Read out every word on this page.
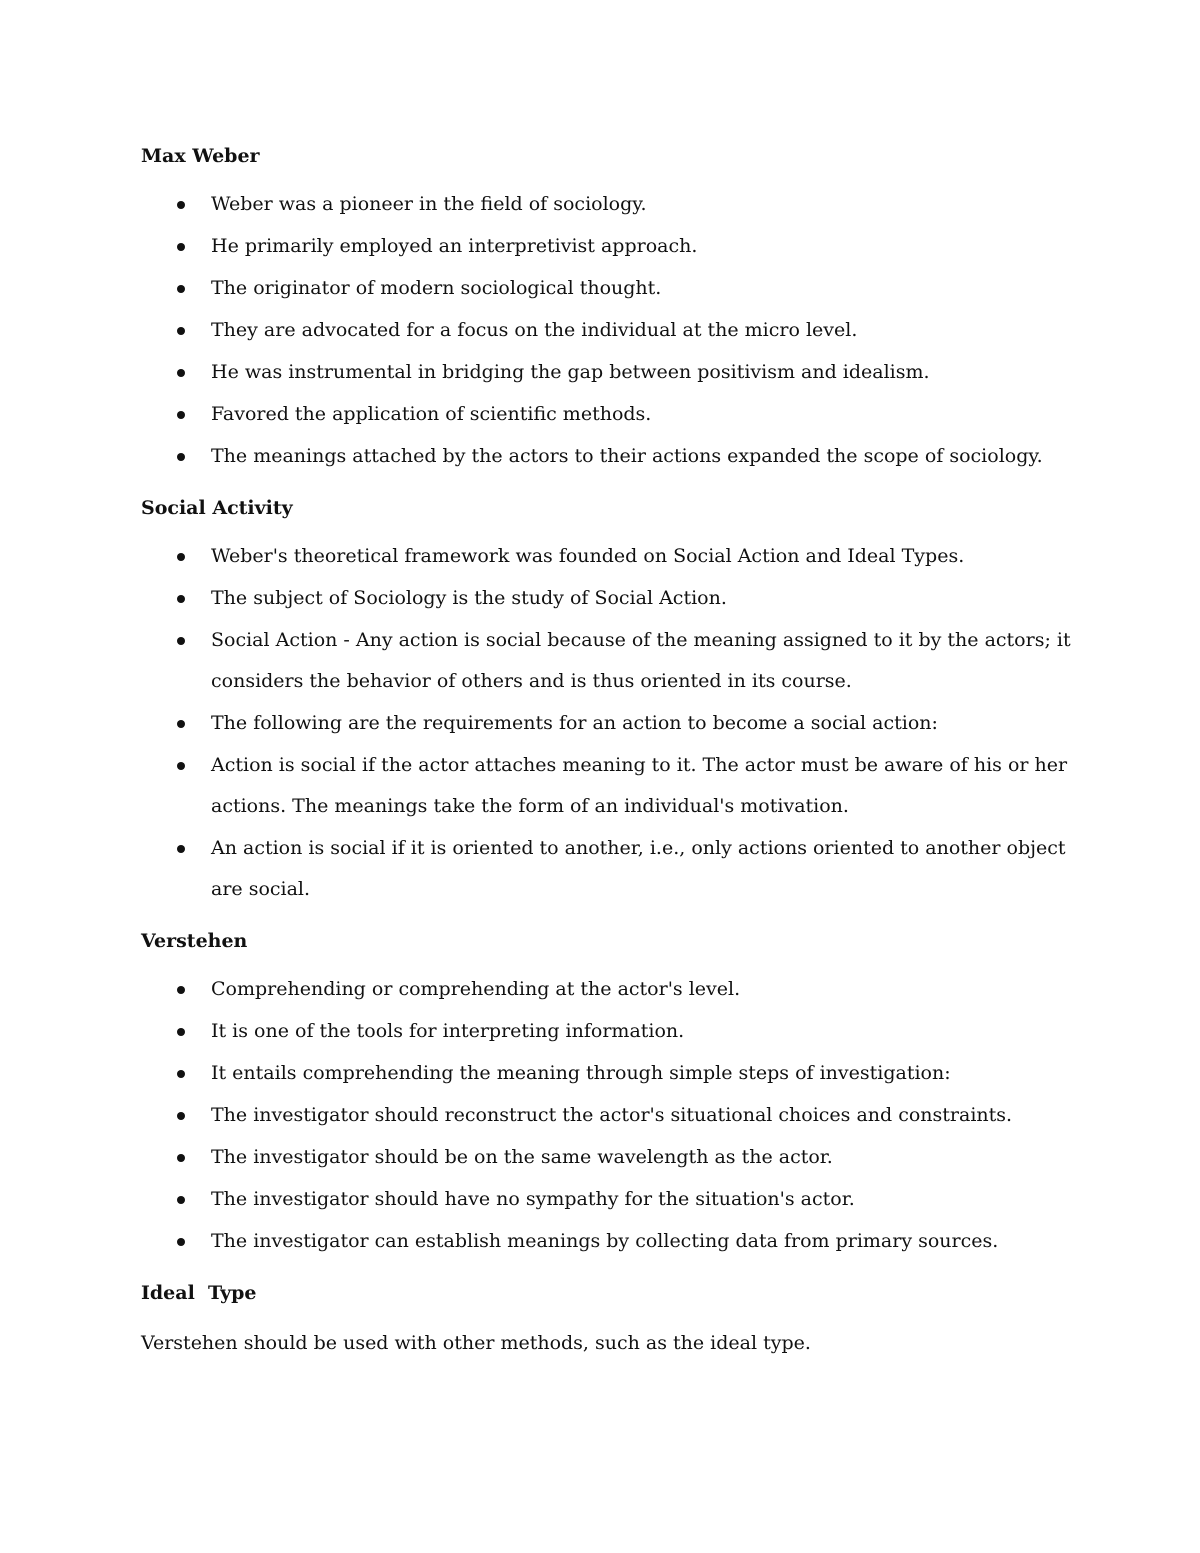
Max Weber
Weber was a pioneer in the field of sociology.
He primarily employed an interpretivist approach.
The originator of modern sociological thought.
They are advocated for a focus on the individual at the micro level.
He was instrumental in bridging the gap between positivism and idealism.
Favored the application of scientific methods.
The meanings attached by the actors to their actions expanded the scope of sociology.
Social Activity
Weber's theoretical framework was founded on Social Action and Ideal Types.
The subject of Sociology is the study of Social Action.
Social Action - Any action is social because of the meaning assigned to it by the actors; it considers the behavior of others and is thus oriented in its course.
The following are the requirements for an action to become a social action:
Action is social if the actor attaches meaning to it. The actor must be aware of his or her actions. The meanings take the form of an individual's motivation.
An action is social if it is oriented to another, i.e., only actions oriented to another object are social.
Verstehen
Comprehending or comprehending at the actor's level.
It is one of the tools for interpreting information.
It entails comprehending the meaning through simple steps of investigation:
The investigator should reconstruct the actor's situational choices and constraints.
The investigator should be on the same wavelength as the actor.
The investigator should have no sympathy for the situation's actor.
The investigator can establish meanings by collecting data from primary sources.
Ideal  Type

Verstehen should be used with other methods, such as the ideal type.
